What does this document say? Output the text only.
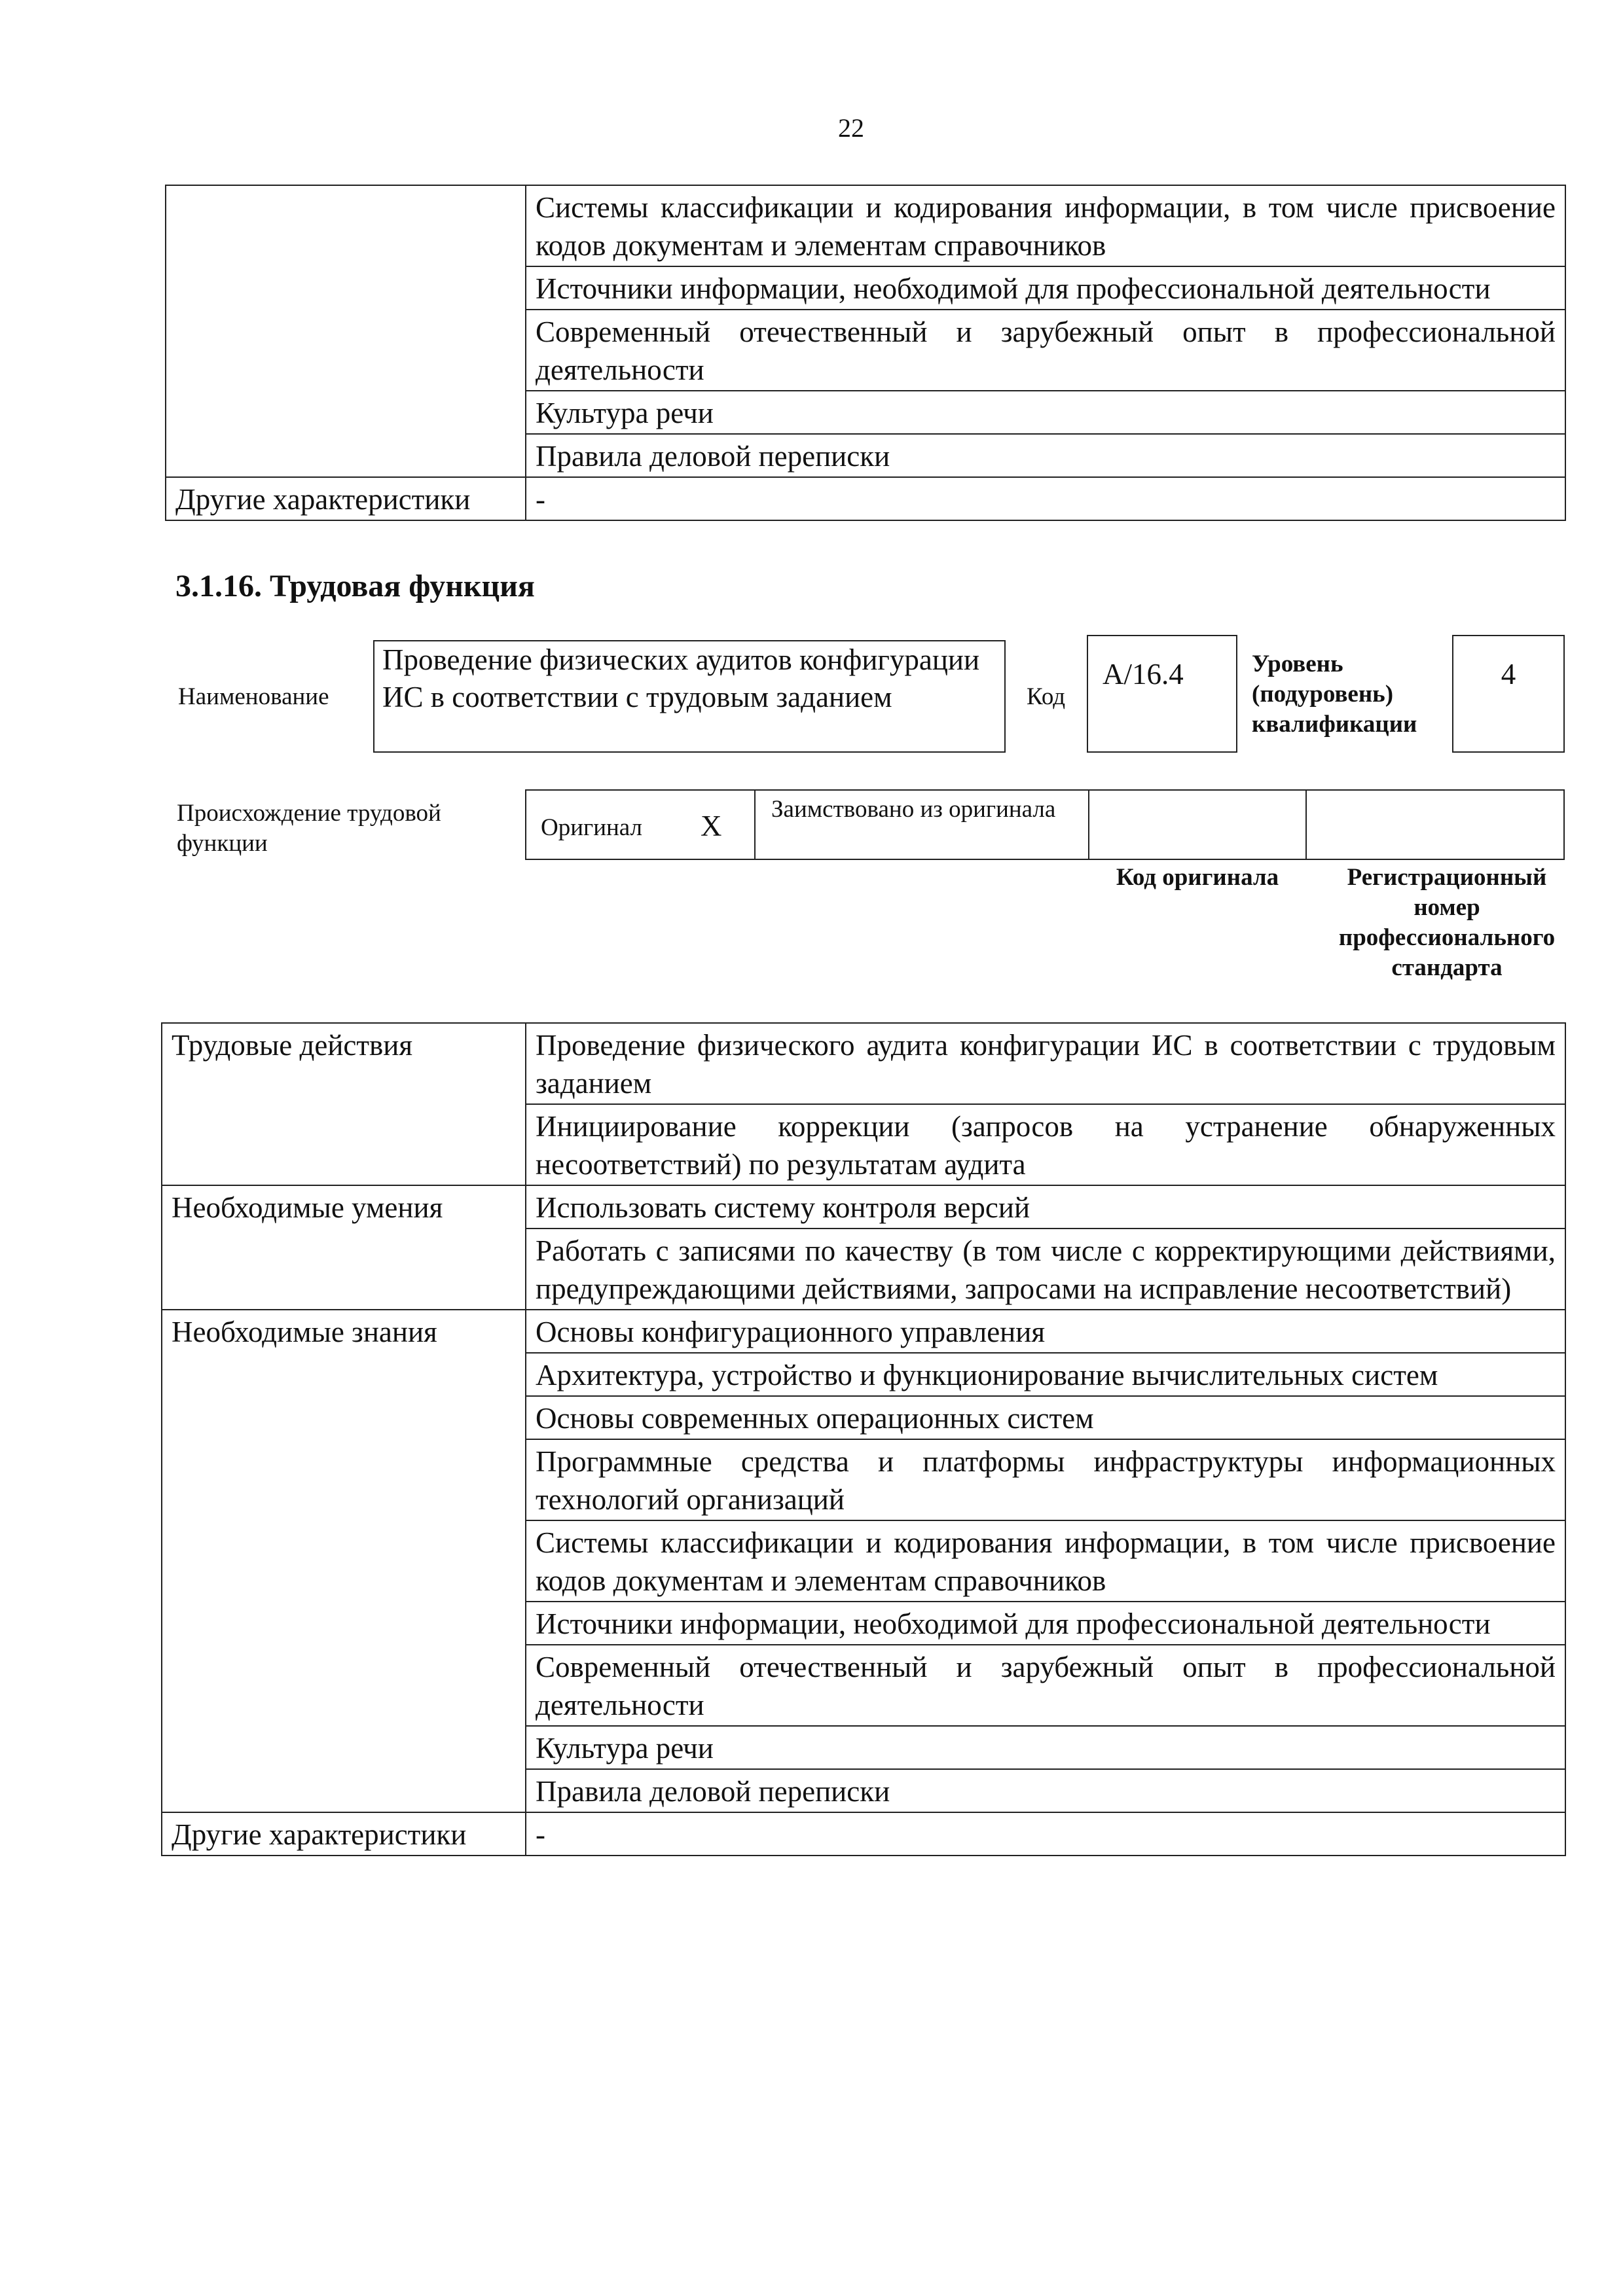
22
	Системы классификации и кодирования информации, в том числе присвоение кодов документам и элементам справочников
	Источники информации, необходимой для профессиональной деятельности
	Современный отечественный и зарубежный опыт в профессиональной деятельности
	Культура речи
	Правила деловой переписки
Другие характеристики	-
3.1.16. Трудовая функция
Наименование
Проведение физических аудитов конфигурации ИС в соответствии с трудовым заданием	Код
A/16.4	Уровень (подуровень) квалификации
4
Происхождение трудовой функции
Оригинал X
Заимствовано из оригинала
Код оригинала	Регистрационный номер профессионального стандарта
Трудовые действия	Проведение физического аудита конфигурации ИС в соответствии с трудовым заданием
	Инициирование коррекции (запросов на устранение обнаруженных несоответствий) по результатам аудита
Необходимые умения	Использовать систему контроля версий
	Работать с записями по качеству (в том числе с корректирующими действиями, предупреждающими действиями, запросами на исправление несоответствий)
Необходимые знания	Основы конфигурационного управления
	Архитектура, устройство и функционирование вычислительных систем
	Основы современных операционных систем
	Программные средства и платформы инфраструктуры информационных технологий организаций
	Системы классификации и кодирования информации, в том числе присвоение кодов документам и элементам справочников
	Источники информации, необходимой для профессиональной деятельности
	Современный отечественный и зарубежный опыт в профессиональной деятельности
	Культура речи
	Правила деловой переписки
Другие характеристики	-
